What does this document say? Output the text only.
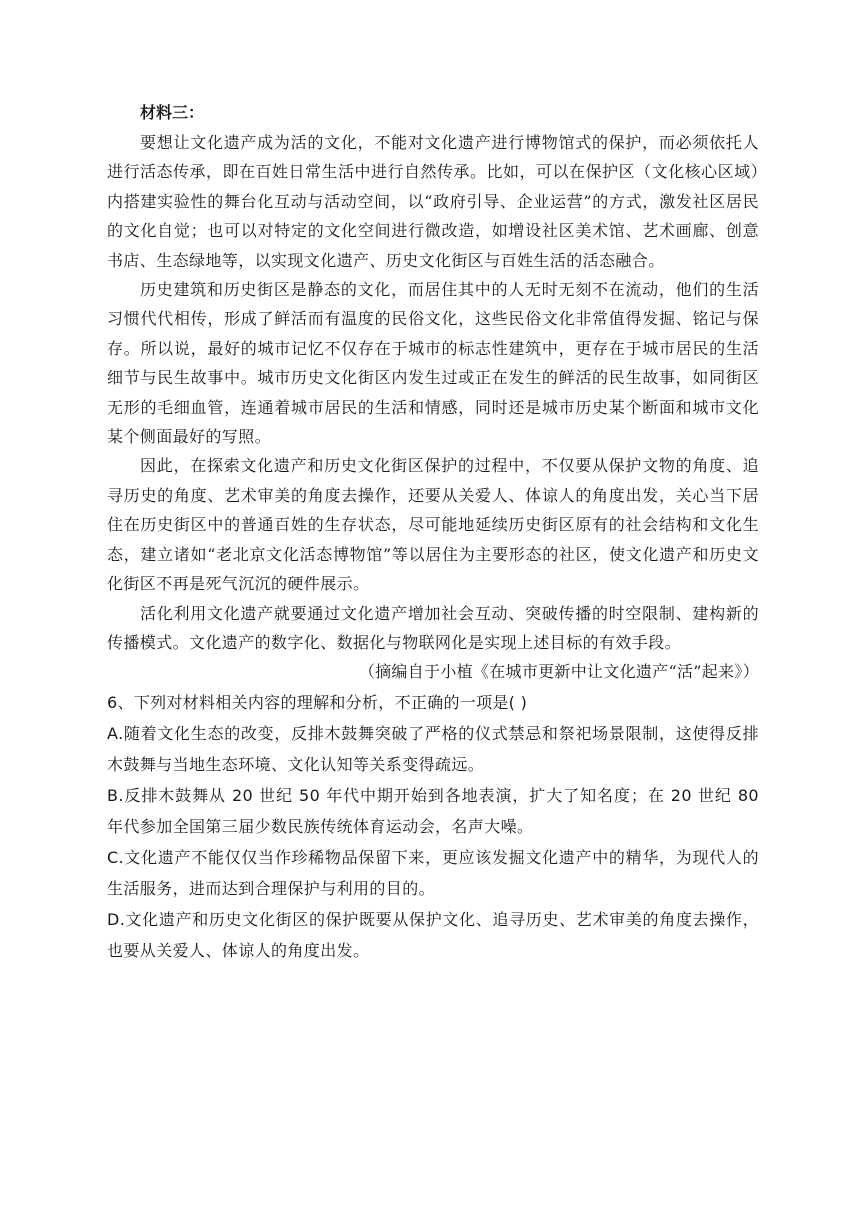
材料三：

要想让文化遗产成为活的文化，不能对文化遗产进行博物馆式的保护，而必须依托人进行活态传承，即在百姓日常生活中进行自然传承。比如，可以在保护区（文化核心区域）内搭建实验性的舞台化互动与活动空间，以“政府引导、企业运营”的方式，激发社区居民的文化自觉；也可以对特定的文化空间进行微改造，如增设社区美术馆、艺术画廊、创意书店、生态绿地等，以实现文化遗产、历史文化街区与百姓生活的活态融合。

历史建筑和历史街区是静态的文化，而居住其中的人无时无刻不在流动，他们的生活习惯代代相传，形成了鲜活而有温度的民俗文化，这些民俗文化非常值得发掘、铭记与保存。所以说，最好的城市记忆不仅存在于城市的标志性建筑中，更存在于城市居民的生活细节与民生故事中。城市历史文化街区内发生过或正在发生的鲜活的民生故事，如同街区无形的毛细血管，连通着城市居民的生活和情感，同时还是城市历史某个断面和城市文化某个侧面最好的写照。

因此，在探索文化遗产和历史文化街区保护的过程中，不仅要从保护文物的角度、追寻历史的角度、艺术审美的角度去操作，还要从关爱人、体谅人的角度出发，关心当下居住在历史街区中的普通百姓的生存状态，尽可能地延续历史街区原有的社会结构和文化生态，建立诸如“老北京文化活态博物馆”等以居住为主要形态的社区，使文化遗产和历史文化街区不再是死气沉沉的硬件展示。

活化利用文化遗产就要通过文化遗产增加社会互动、突破传播的时空限制、建构新的传播模式。文化遗产的数字化、数据化与物联网化是实现上述目标的有效手段。

（摘编自于小植《在城市更新中让文化遗产“活”起来》）

6、下列对材料相关内容的理解和分析，不正确的一项是( )

A.随着文化生态的改变，反排木鼓舞突破了严格的仪式禁忌和祭祀场景限制，这使得反排木鼓舞与当地生态环境、文化认知等关系变得疏远。

B.反排木鼓舞从 20 世纪 50 年代中期开始到各地表演，扩大了知名度；在 20 世纪 80 年代参加全国第三届少数民族传统体育运动会，名声大噪。

C.文化遗产不能仅仅当作珍稀物品保留下来，更应该发掘文化遗产中的精华，为现代人的生活服务，进而达到合理保护与利用的目的。

D.文化遗产和历史文化街区的保护既要从保护文化、追寻历史、艺术审美的角度去操作，也要从关爱人、体谅人的角度出发。
